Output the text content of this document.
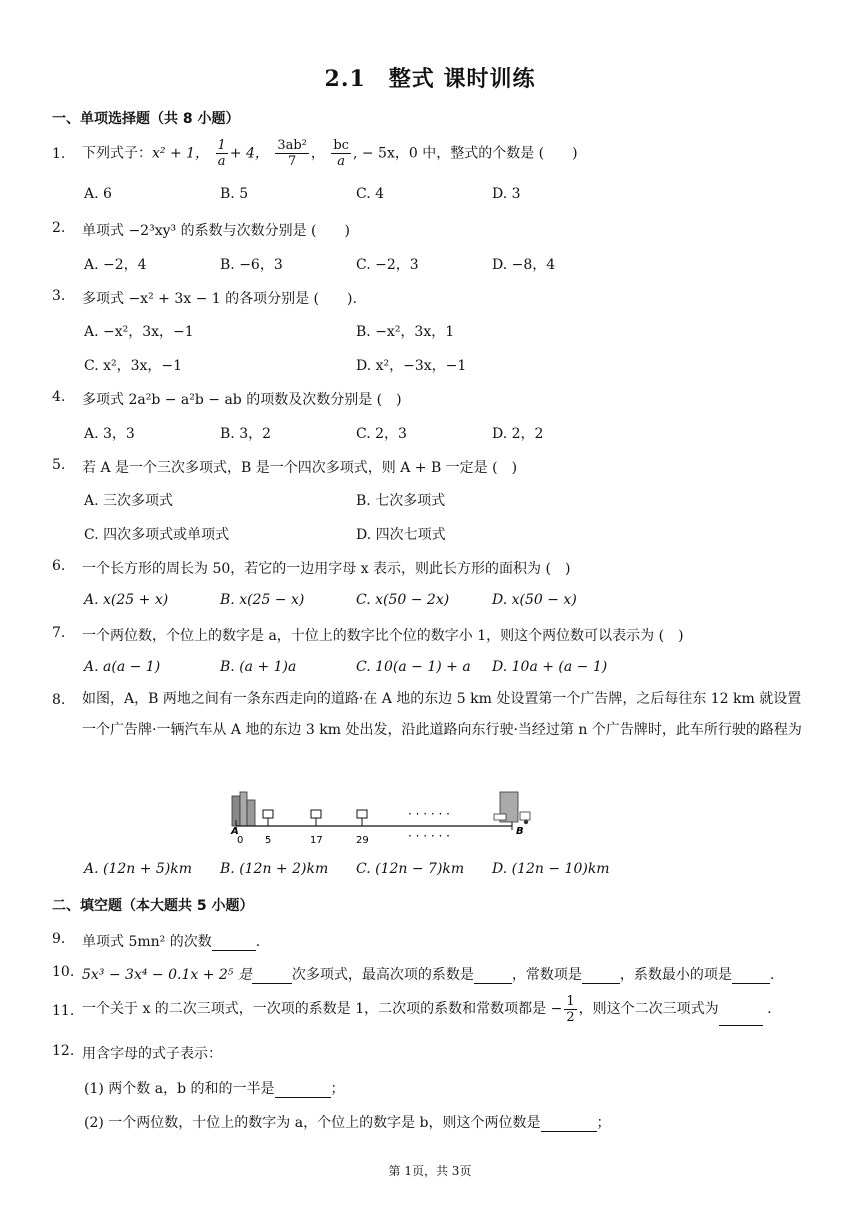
2.1　整式 课时训练
一、单项选择题（共 8 小题）
1. 下列式子：x² + 1， $\frac{1}{a} + 4$， $\frac{\text{3ab²}}{7}$ ， $\frac{bc}{a}$ , − 5x，0 中，整式的个数是 (　　)
A. 6	B. 5	C. 4	D. 3
2. 单项式 −2³xy³ 的系数与次数分别是 (　　)
A. −2，4	B. −6，3	C. −2，3	D. −8，4
3. 多项式 −x² + 3x − 1 的各项分别是 (　　).
A. −x²，3x，−1	B. −x²，3x，1
C. x²，3x，−1	D. x²，−3x，−1
4. 多项式 2a²b − a²b − ab 的项数及次数分别是 (　)
A. 3，3	B. 3，2	C. 2，3	D. 2，2
5. 若 A 是一个三次多项式，B 是一个四次多项式，则 A + B 一定是 (　)
A. 三次多项式	B. 七次多项式
C. 四次多项式或单项式	D. 四次七项式
6. 一个长方形的周长为 50，若它的一边用字母 x 表示，则此长方形的面积为 (　)
A. x(25 + x)	B. x(25 − x)	C. x(50 − 2x)	D. x(50 − x)
7. 一个两位数，个位上的数字是 a，十位上的数字比个位的数字小 1，则这个两位数可以表示为 (　)
A. a(a − 1)	B. (a + 1)a	C. 10(a − 1) + a D. 10a + (a − 1)
8. 如图，A，B 两地之间有一条东西走向的道路·在 A 地的东边 5 km 处设置第一个广告牌，之后每往东 12 km 就设置一个广告牌·一辆汽车从 A 地的东边 3 km 处出发，沿此道路向东行驶·当经过第 n 个广告牌时，此车所行驶的路程为
· · · · · ·
· · · · · ·
A
0 5	17	29
B
A. (12n + 5)km B. (12n + 2)km C. (12n − 7)km D. (12n − 10)km
二、填空题（本大题共 5 小题）
9. 单项式 5mn² 的次数	.
10. 5x³ − 3x⁴ − 0.1x + 2⁵ 是	次多项式，最高次项的系数是	，常数项是	，系数最小的项是	.
11. 一个关于 x 的二次三项式，一次项的系数是 1，二次项的系数和常数项都是 − $\frac{1}{2}$ ，则这个二次三项式为	.
12. 用含字母的式子表示：
(1) 两个数 a，b 的和的一半是	；
(2) 一个两位数，十位上的数字为 a，个位上的数字是 b，则这个两位数是	；
第 1页，共 3页
